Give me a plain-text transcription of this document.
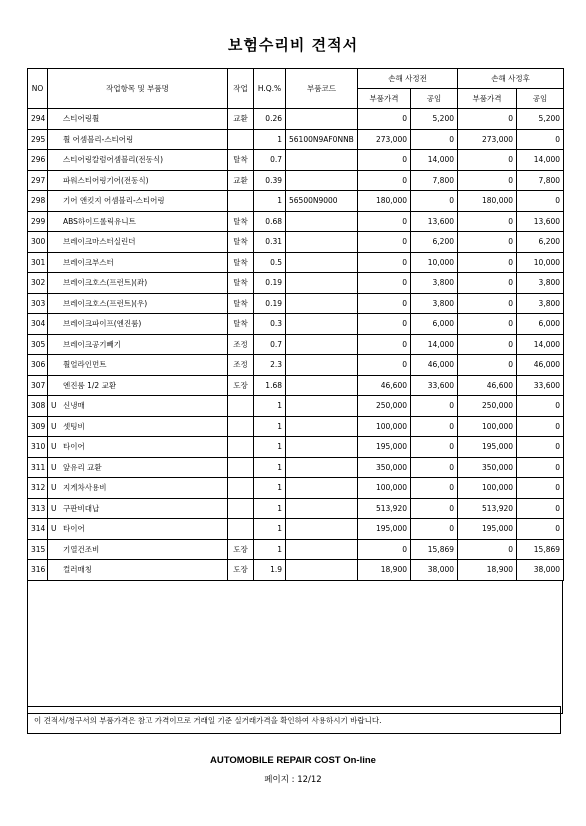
보험수리비 견적서
NO	작업항목 및 부품명	작업	H.Q.%	부품코드	손해 사정전		손해 사정후	
					부품가격	공임	부품가격	공임
294	스티어링휠	교환	0.26		0	5,200	0	5,200
295	휠 어셈블리-스티어링		1	56100N9AF0NNB	273,000	0	273,000	0
296	스티어링칼럼어셈블리(전동식)	탈착	0.7		0	14,000	0	14,000
297	파워스티어링기어(전동식)	교환	0.39		0	7,800	0	7,800
298	기어 앤킷지 어셈블리-스티어링		1	56500N9000	180,000	0	180,000	0
299	ABS하이드롤릭유니트	탈착	0.68		0	13,600	0	13,600
300	브레이크마스터실린더	탈착	0.31		0	6,200	0	6,200
301	브레이크부스터	탈착	0.5		0	10,000	0	10,000
302	브레이크호스(프런트)(좌)	탈착	0.19		0	3,800	0	3,800
303	브레이크호스(프런트)(우)	탈착	0.19		0	3,800	0	3,800
304	브레이크파이프(엔진룸)	탈착	0.3		0	6,000	0	6,000
305	브레이크공기빼기	조정	0.7		0	14,000	0	14,000
306	휠얼라인먼트	조정	2.3		0	46,000	0	46,000
307	엔진룸 1/2 교환	도장	1.68		46,600	33,600	46,600	33,600
308	U 신냉매		1		250,000	0	250,000	0
309	U 셋팅비		1		100,000	0	100,000	0
310	U 타이어		1		195,000	0	195,000	0
311	U 앞유리 교환		1		350,000	0	350,000	0
312	U 지게차사용비		1		100,000	0	100,000	0
313	U 구판비대납		1		513,920	0	513,920	0
314	U 타이어		1		195,000	0	195,000	0
315	기열건조비	도장	1		0	15,869	0	15,869
316	컬러매칭	도장	1.9		18,900	38,000	18,900	38,000
이 견적서/청구서의 부품가격은 참고 가격이므로 거래일 기준 실거래가격을 확인하여 사용하시기 바랍니다.
AUTOMOBILE REPAIR COST On-line
페이지 : 12/12
